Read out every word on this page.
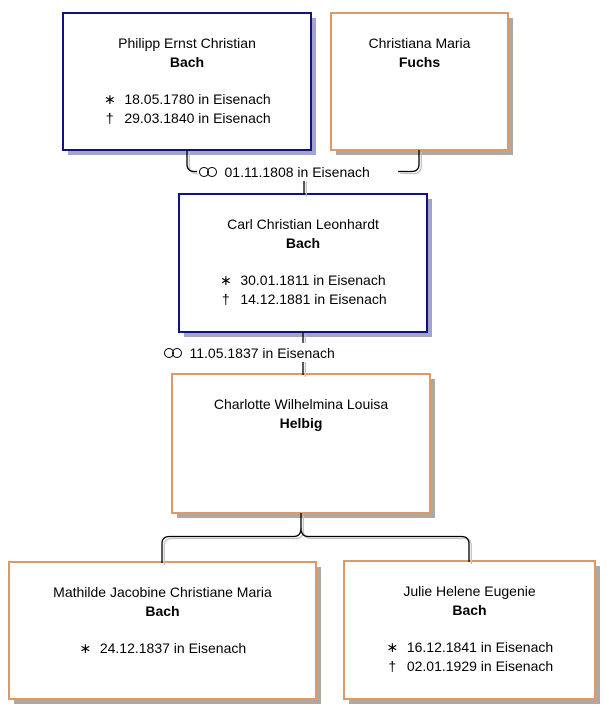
Philipp Ernst Christian
Bach
∗ 18.05.1780 in Eisenach
† 29.03.1840 in Eisenach
Christiana Maria
Fuchs
Carl Christian Leonhardt
Bach
∗ 30.01.1811 in Eisenach
† 14.12.1881 in Eisenach
Charlotte Wilhelmina Louisa
Helbig
Mathilde Jacobine Christiane Maria
Bach
∗ 24.12.1837 in Eisenach
Julie Helene Eugenie
Bach
∗ 16.12.1841 in Eisenach
† 02.01.1929 in Eisenach
01.11.1808 in Eisenach
11.05.1837 in Eisenach
